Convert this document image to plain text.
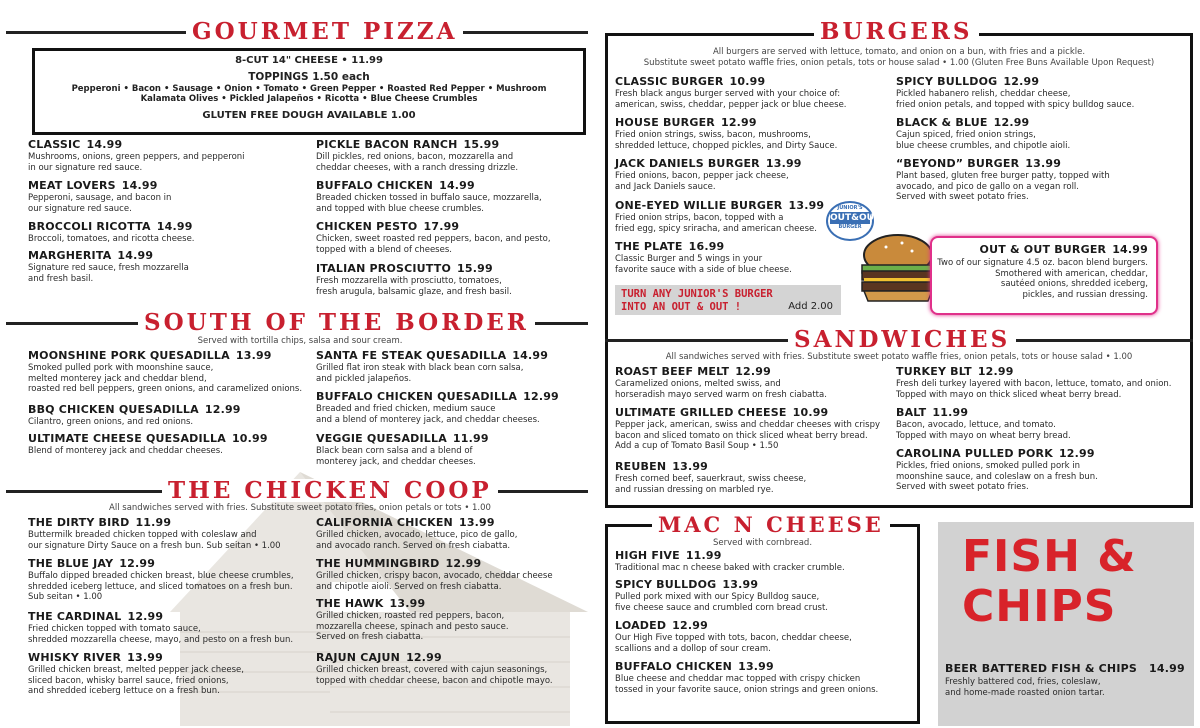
GOURMET PIZZA
8-CUT 14" CHEESE • 11.99
TOPPINGS 1.50 each
Pepperoni • Bacon • Sausage • Onion • Tomato • Green Pepper • Roasted Red Pepper • Mushroom
Kalamata Olives • Pickled Jalapeños • Ricotta • Blue Cheese Crumbles
GLUTEN FREE DOUGH AVAILABLE 1.00
CLASSIC 14.99
Mushrooms, onions, green peppers, and pepperoni
in our signature red sauce.
MEAT LOVERS 14.99
Pepperoni, sausage, and bacon in
our signature red sauce.
BROCCOLI RICOTTA 14.99
Broccoli, tomatoes, and ricotta cheese.
MARGHERITA 14.99
Signature red sauce, fresh mozzarella
and fresh basil.
PICKLE BACON RANCH 15.99
Dill pickles, red onions, bacon, mozzarella and
cheddar cheeses, with a ranch dressing drizzle.
BUFFALO CHICKEN 14.99
Breaded chicken tossed in buffalo sauce, mozzarella,
and topped with blue cheese crumbles.
CHICKEN PESTO 17.99
Chicken, sweet roasted red peppers, bacon, and pesto,
topped with a blend of cheeses.
ITALIAN PROSCIUTTO 15.99
Fresh mozzarella with prosciutto, tomatoes,
fresh arugula, balsamic glaze, and fresh basil.
SOUTH OF THE BORDER
Served with tortilla chips, salsa and sour cream.
MOONSHINE PORK QUESADILLA 13.99
Smoked pulled pork with moonshine sauce,
melted monterey jack and cheddar blend,
roasted red bell peppers, green onions, and caramelized onions.
BBQ CHICKEN QUESADILLA 12.99
Cilantro, green onions, and red onions.
ULTIMATE CHEESE QUESADILLA 10.99
Blend of monterey jack and cheddar cheeses.
SANTA FE STEAK QUESADILLA 14.99
Grilled flat iron steak with black bean corn salsa,
and pickled jalapeños.
BUFFALO CHICKEN QUESADILLA 12.99
Breaded and fried chicken, medium sauce
and a blend of monterey jack, and cheddar cheeses.
VEGGIE QUESADILLA 11.99
Black bean corn salsa and a blend of
monterey jack, and cheddar cheeses.
THE CHICKEN COOP
All sandwiches served with fries. Substitute sweet potato fries, onion petals or tots • 1.00
THE DIRTY BIRD 11.99
Buttermilk breaded chicken topped with coleslaw and
our signature Dirty Sauce on a fresh bun. Sub seitan • 1.00
THE BLUE JAY 12.99
Buffalo dipped breaded chicken breast, blue cheese crumbles,
shredded iceberg lettuce, and sliced tomatoes on a fresh bun.
Sub seitan • 1.00
THE CARDINAL 12.99
Fried chicken topped with tomato sauce,
shredded mozzarella cheese, mayo, and pesto on a fresh bun.
WHISKY RIVER 13.99
Grilled chicken breast, melted pepper jack cheese,
sliced bacon, whisky barrel sauce, fried onions,
and shredded iceberg lettuce on a fresh bun.
CALIFORNIA CHICKEN 13.99
Grilled chicken, avocado, lettuce, pico de gallo,
and avocado ranch. Served on fresh ciabatta.
THE HUMMINGBIRD 12.99
Grilled chicken, crispy bacon, avocado, cheddar cheese
and chipotle aioli. Served on fresh ciabatta.
THE HAWK 13.99
Grilled chicken, roasted red peppers, bacon,
mozzarella cheese, spinach and pesto sauce.
Served on fresh ciabatta.
RAJUN CAJUN 12.99
Grilled chicken breast, covered with cajun seasonings,
topped with cheddar cheese, bacon and chipotle mayo.
BURGERS
All burgers are served with lettuce, tomato, and onion on a bun, with fries and a pickle.
Substitute sweet potato waffle fries, onion petals, tots or house salad • 1.00 (Gluten Free Buns Available Upon Request)
CLASSIC BURGER 10.99
Fresh black angus burger served with your choice of:
american, swiss, cheddar, pepper jack or blue cheese.
HOUSE BURGER 12.99
Fried onion strings, swiss, bacon, mushrooms,
shredded lettuce, chopped pickles, and Dirty Sauce.
JACK DANIELS BURGER 13.99
Fried onions, bacon, pepper jack cheese,
and Jack Daniels sauce.
ONE-EYED WILLIE BURGER 13.99
Fried onion strips, bacon, topped with a
fried egg, spicy sriracha, and american cheese.
THE PLATE 16.99
Classic Burger and 5 wings in your
favorite sauce with a side of blue cheese.
SPICY BULLDOG 12.99
Pickled habanero relish, cheddar cheese,
fried onion petals, and topped with spicy bulldog sauce.
BLACK & BLUE 12.99
Cajun spiced, fried onion strings,
blue cheese crumbles, and chipotle aioli.
“BEYOND” BURGER 13.99
Plant based, gluten free burger patty, topped with
avocado, and pico de gallo on a vegan roll.
Served with sweet potato fries.
TURN ANY JUNIOR'S BURGER
INTO AN OUT & OUT !	Add 2.00
JUNIOR'S
OUT&OUT
BURGER
OUT & OUT BURGER 14.99
Two of our signature 4.5 oz. bacon blend burgers.
Smothered with american, cheddar,
sautéed onions, shredded iceberg,
pickles, and russian dressing.
SANDWICHES
All sandwiches served with fries. Substitute sweet potato waffle fries, onion petals, tots or house salad • 1.00
ROAST BEEF MELT 12.99
Caramelized onions, melted swiss, and
horseradish mayo served warm on fresh ciabatta.
ULTIMATE GRILLED CHEESE 10.99
Pepper jack, american, swiss and cheddar cheeses with crispy
bacon and sliced tomato on thick sliced wheat berry bread.
Add a cup of Tomato Basil Soup • 1.50
REUBEN 13.99
Fresh corned beef, sauerkraut, swiss cheese,
and russian dressing on marbled rye.
TURKEY BLT 12.99
Fresh deli turkey layered with bacon, lettuce, tomato, and onion.
Topped with mayo on thick sliced wheat berry bread.
BALT 11.99
Bacon, avocado, lettuce, and tomato.
Topped with mayo on wheat berry bread.
CAROLINA PULLED PORK 12.99
Pickles, fried onions, smoked pulled pork in
moonshine sauce, and coleslaw on a fresh bun.
Served with sweet potato fries.
MAC N CHEESE
Served with cornbread.
HIGH FIVE 11.99
Traditional mac n cheese baked with cracker crumble.
SPICY BULLDOG 13.99
Pulled pork mixed with our Spicy Bulldog sauce,
five cheese sauce and crumbled corn bread crust.
LOADED 12.99
Our High Five topped with tots, bacon, cheddar cheese,
scallions and a dollop of sour cream.
BUFFALO CHICKEN 13.99
Blue cheese and cheddar mac topped with crispy chicken
tossed in your favorite sauce, onion strings and green onions.
FISH &
CHIPS
BEER BATTERED FISH & CHIPS 14.99
Freshly battered cod, fries, coleslaw,
and home-made roasted onion tartar.
